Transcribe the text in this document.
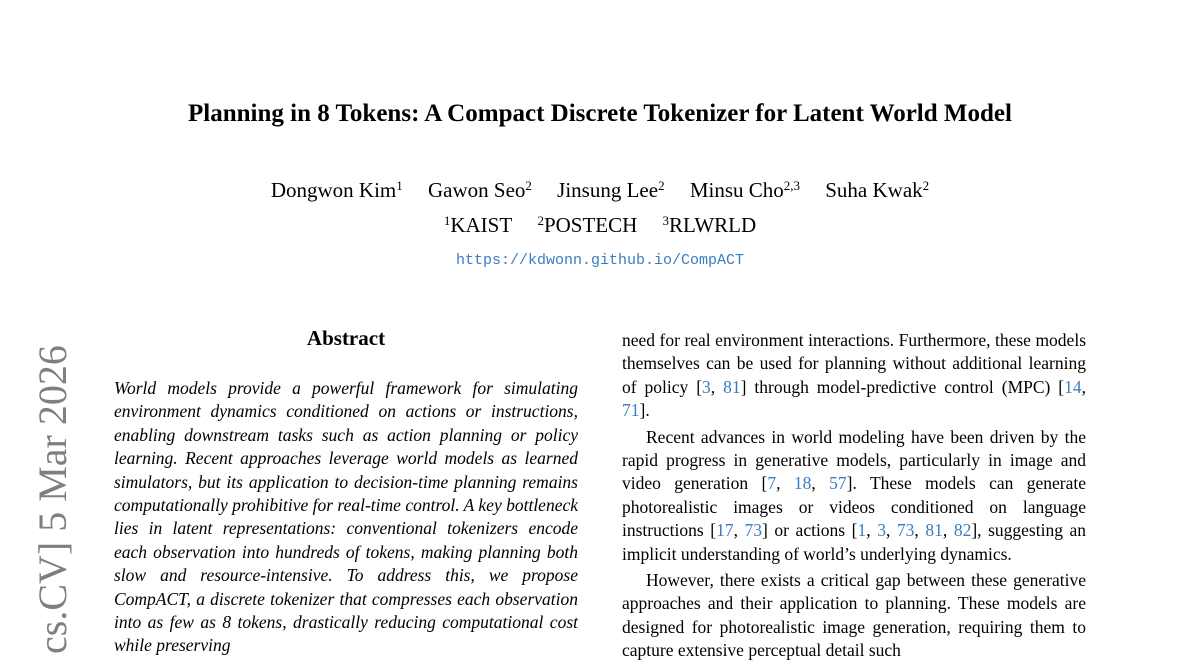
cs.CV] 5 Mar 2026
Planning in 8 Tokens: A Compact Discrete Tokenizer for Latent World Model
Dongwon Kim$^1$ Gawon Seo$^2$ Jinsung Lee$^2$ Minsu Cho$^{2,3}$ Suha Kwak$^2$
$^1$KAIST $^2$POSTECH $^3$RLWRLD
https://kdwonn.github.io/CompACT
Abstract
World models provide a powerful framework for simulating environment dynamics conditioned on actions or instructions, enabling downstream tasks such as action planning or policy learning. Recent approaches leverage world models as learned simulators, but its application to decision-time planning remains computationally prohibitive for real-time control. A key bottleneck lies in latent representations: conventional tokenizers encode each observation into hundreds of tokens, making planning both slow and resource-intensive. To address this, we propose CompACT, a discrete tokenizer that compresses each observation into as few as 8 tokens, drastically reducing computational cost while preserving

need for real environment interactions. Furthermore, these models themselves can be used for planning without additional learning of policy [3, 81] through model-predictive control (MPC) [14, 71].

Recent advances in world modeling have been driven by the rapid progress in generative models, particularly in image and video generation [7, 18, 57]. These models can generate photorealistic images or videos conditioned on language instructions [17, 73] or actions [1, 3, 73, 81, 82], suggesting an implicit understanding of world’s underlying dynamics.

However, there exists a critical gap between these generative approaches and their application to planning. These models are designed for photorealistic image generation, requiring them to capture extensive perceptual detail such
